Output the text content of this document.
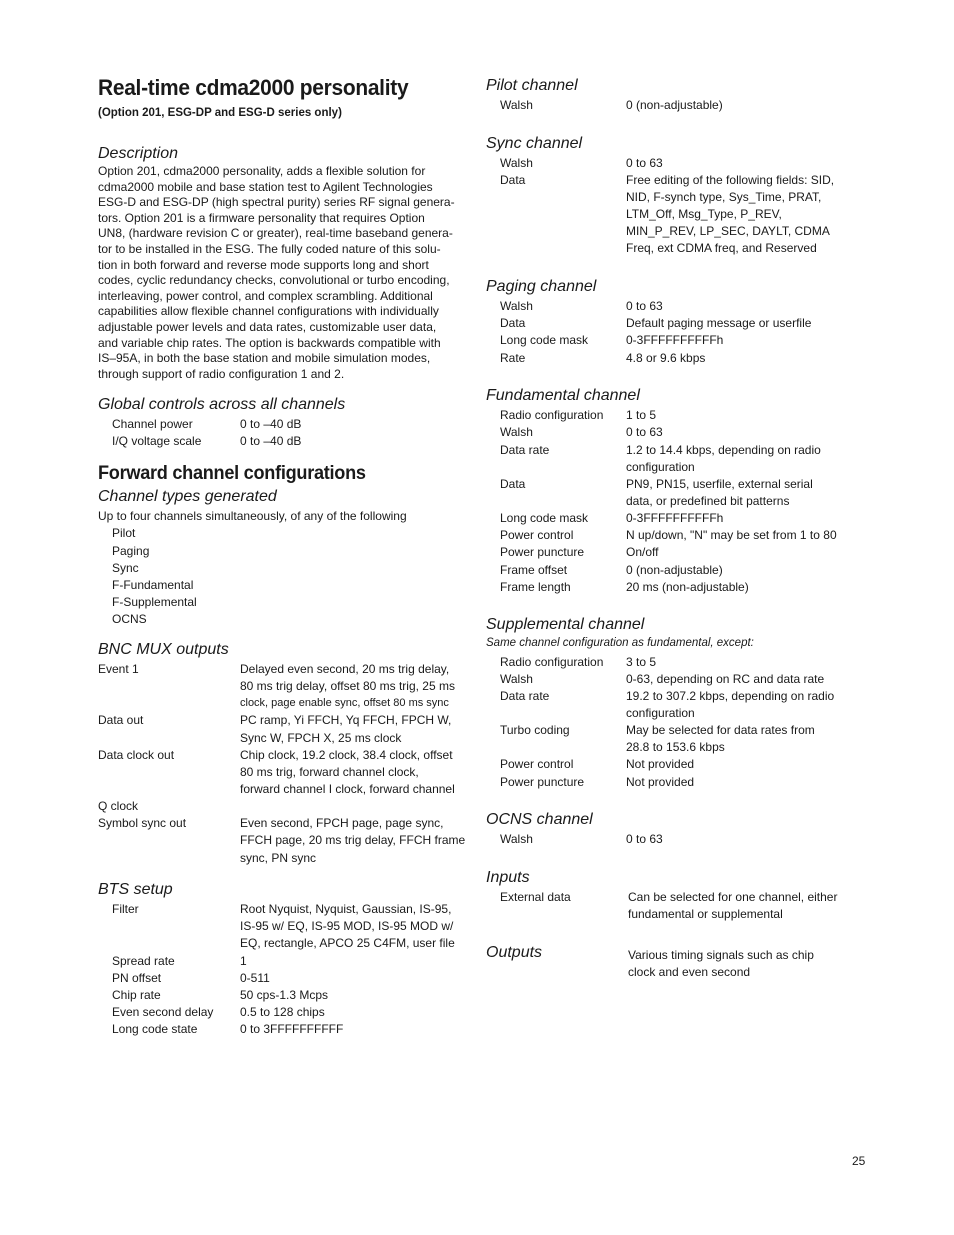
Real-time cdma2000 personality
(Option 201, ESG-DP and ESG-D series only)
Description
Option 201, cdma2000 personality, adds a flexible solution for
cdma2000 mobile and base station test to Agilent Technologies
ESG-D and ESG-DP (high spectral purity) series RF signal genera-
tors. Option 201 is a firmware personality that requires Option
UN8, (hardware revision C or greater), real-time baseband genera-
tor to be installed in the ESG. The fully coded nature of this solu-
tion in both forward and reverse mode supports long and short
codes, cyclic redundancy checks, convolutional or turbo encoding,
interleaving, power control, and complex scrambling. Additional
capabilities allow flexible channel configurations with individually
adjustable power levels and data rates, customizable user data,
and variable chip rates. The option is backwards compatible with
IS–95A, in both the base station and mobile simulation modes,
through support of radio configuration 1 and 2.
Global controls across all channels
Channel power	0 to –40 dB
I/Q voltage scale	0 to –40 dB
Forward channel configurations
Channel types generated
Up to four channels simultaneously, of any of the following
Pilot
Paging
Sync
F-Fundamental
F-Supplemental
OCNS
BNC MUX outputs
Event 1	Delayed even second, 20 ms trig delay,
80 ms trig delay, offset 80 ms trig, 25 ms
clock, page enable sync, offset 80 ms sync
Data out	PC ramp, Yi FFCH, Yq FFCH, FPCH W,
Sync W, FPCH X, 25 ms clock
Data clock out	Chip clock, 19.2 clock, 38.4 clock, offset
80 ms trig, forward channel clock,
forward channel I clock, forward channel
Q clock
Symbol sync out	Even second, FPCH page, page sync,
FFCH page, 20 ms trig delay, FFCH frame
sync, PN sync
BTS setup
Filter	Root Nyquist, Nyquist, Gaussian, IS-95,
IS-95 w/ EQ, IS-95 MOD, IS-95 MOD w/
EQ, rectangle, APCO 25 C4FM, user file
Spread rate	1
PN offset	0-511
Chip rate	50 cps-1.3 Mcps
Even second delay 0.5 to 128 chips
Long code state	0 to 3FFFFFFFFFF
Pilot channel
Walsh	0 (non-adjustable)
Sync channel
Walsh	0 to 63
Data	Free editing of the following fields: SID,
NID, F-synch type, Sys_Time, PRAT,
LTM_Off, Msg_Type, P_REV,
MIN_P_REV, LP_SEC, DAYLT, CDMA
Freq, ext CDMA freq, and Reserved
Paging channel
Walsh	0 to 63
Data	Default paging message or userfile
Long code mask	0-3FFFFFFFFFFh
Rate	4.8 or 9.6 kbps
Fundamental channel
Radio configuration 1 to 5
Walsh	0 to 63
Data rate	1.2 to 14.4 kbps, depending on radio
configuration
Data	PN9, PN15, userfile, external serial
data, or predefined bit patterns
Long code mask	0-3FFFFFFFFFFh
Power control	N up/down, "N" may be set from 1 to 80
Power puncture	On/off
Frame offset	0 (non-adjustable)
Frame length	20 ms (non-adjustable)
Supplemental channel
Same channel configuration as fundamental, except:
Radio configuration 3 to 5
Walsh	0-63, depending on RC and data rate
Data rate	19.2 to 307.2 kbps, depending on radio
configuration
Turbo coding	May be selected for data rates from
28.8 to 153.6 kbps
Power control	Not provided
Power puncture	Not provided
OCNS channel
Walsh	0 to 63
Inputs
External data	Can be selected for one channel, either
fundamental or supplemental
Outputs	Various timing signals such as chip
clock and even second
25
